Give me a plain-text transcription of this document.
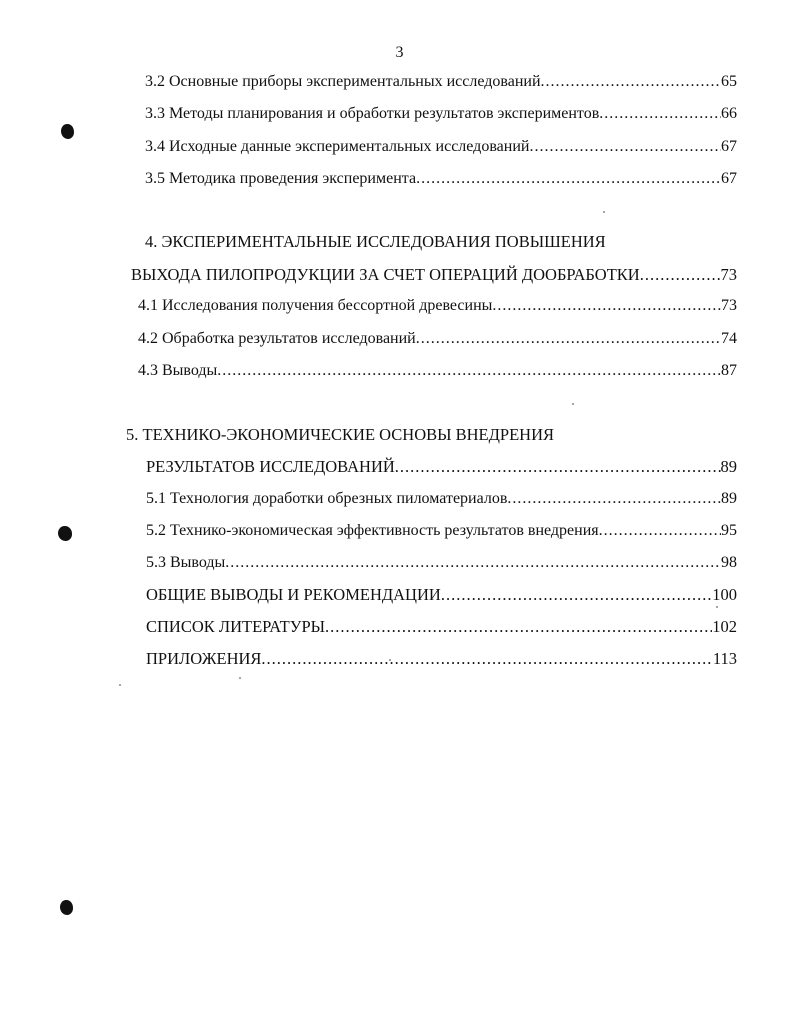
3
3.2 Основные приборы экспериментальных исследований .....	65
3.3 Методы планирования и обработки результатов экспериментов .....	66
3.4 Исходные данные экспериментальных исследований .....	67
3.5 Методика проведения эксперимента .....	67
4. ЭКСПЕРИМЕНТАЛЬНЫЕ ИССЛЕДОВАНИЯ ПОВЫШЕНИЯ
ВЫХОДА ПИЛОПРОДУКЦИИ ЗА СЧЕТ ОПЕРАЦИЙ ДООБРАБОТКИ .....	73
4.1 Исследования получения бессортной древесины .....	73
4.2 Обработка результатов исследований .....	74
4.3 Выводы .....	87
5. ТЕХНИКО-ЭКОНОМИЧЕСКИЕ ОСНОВЫ ВНЕДРЕНИЯ
РЕЗУЛЬТАТОВ ИССЛЕДОВАНИЙ .....	89
5.1 Технология доработки обрезных пиломатериалов .....	89
5.2 Технико-экономическая эффективность результатов внедрения .....	95
5.3 Выводы .....	98
ОБЩИЕ ВЫВОДЫ И РЕКОМЕНДАЦИИ .....	100
СПИСОК ЛИТЕРАТУРЫ .....	102
ПРИЛОЖЕНИЯ .....	113
